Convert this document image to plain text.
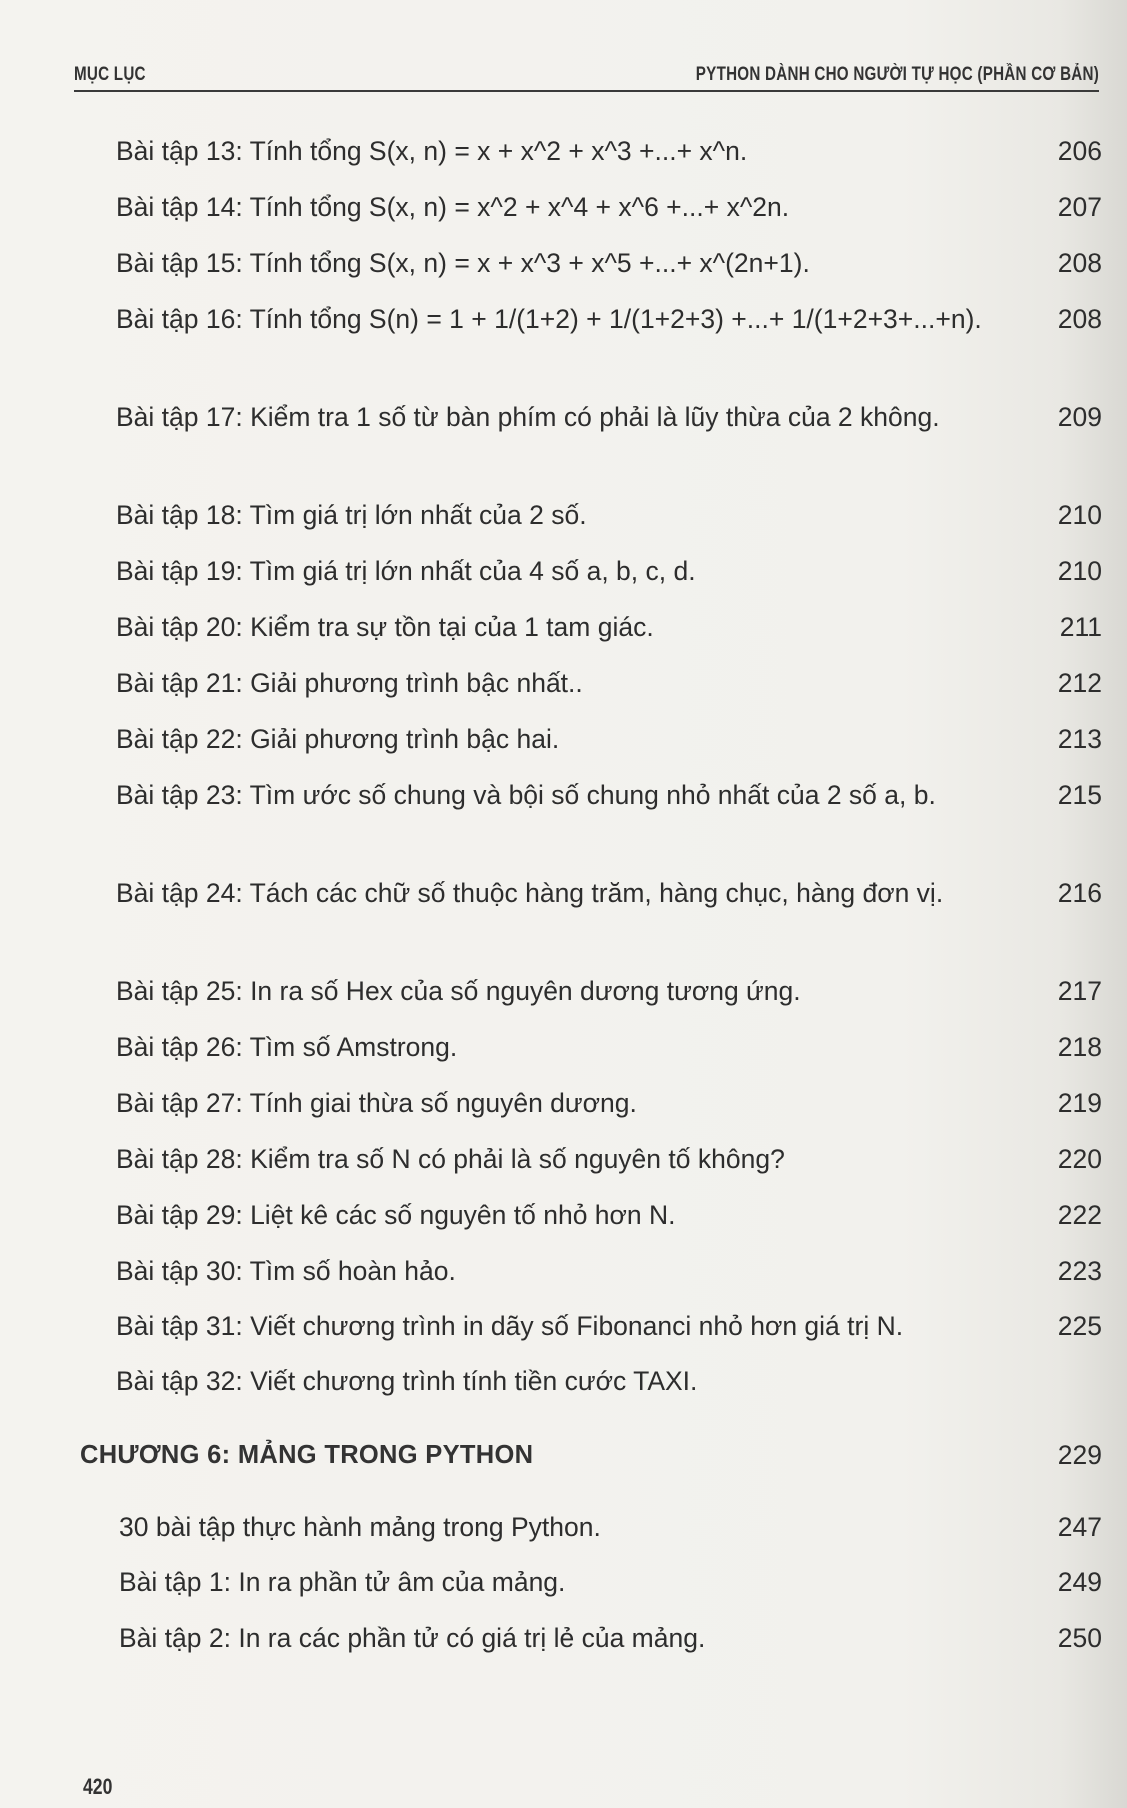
MỤC LỤC	PYTHON DÀNH CHO NGƯỜI TỰ HỌC (PHẦN CƠ BẢN)
Bài tập 13: Tính tổng S(x, n) = x + x^2 + x^3 +...+ x^n.	206
Bài tập 14: Tính tổng S(x, n) = x^2 + x^4 + x^6 +...+ x^2n.	207
Bài tập 15: Tính tổng S(x, n) = x + x^3 + x^5 +...+ x^(2n+1).	208
Bài tập 16: Tính tổng S(n) = 1 + 1/(1+2) + 1/(1+2+3) +...+ 1/(1+2+3+...+n).	208
Bài tập 17: Kiểm tra 1 số từ bàn phím có phải là lũy thừa của 2 không.	209
Bài tập 18: Tìm giá trị lớn nhất của 2 số.	210
Bài tập 19: Tìm giá trị lớn nhất của 4 số a, b, c, d.	210
Bài tập 20: Kiểm tra sự tồn tại của 1 tam giác.	211
Bài tập 21: Giải phương trình bậc nhất..	212
Bài tập 22: Giải phương trình bậc hai.	213
Bài tập 23: Tìm ước số chung và bội số chung nhỏ nhất của 2 số a, b.	215
Bài tập 24: Tách các chữ số thuộc hàng trăm, hàng chục, hàng đơn vị.	216
Bài tập 25: In ra số Hex của số nguyên dương tương ứng.	217
Bài tập 26: Tìm số Amstrong.	218
Bài tập 27: Tính giai thừa số nguyên dương.	219
Bài tập 28: Kiểm tra số N có phải là số nguyên tố không?	220
Bài tập 29: Liệt kê các số nguyên tố nhỏ hơn N.	222
Bài tập 30: Tìm số hoàn hảo.	223
Bài tập 31: Viết chương trình in dãy số Fibonanci nhỏ hơn giá trị N.	225
Bài tập 32: Viết chương trình tính tiền cước TAXI.
CHƯƠNG 6: MẢNG TRONG PYTHON	229
30 bài tập thực hành mảng trong Python.	247
Bài tập 1: In ra phần tử âm của mảng.	249
Bài tập 2: In ra các phần tử có giá trị lẻ của mảng.	250
420
